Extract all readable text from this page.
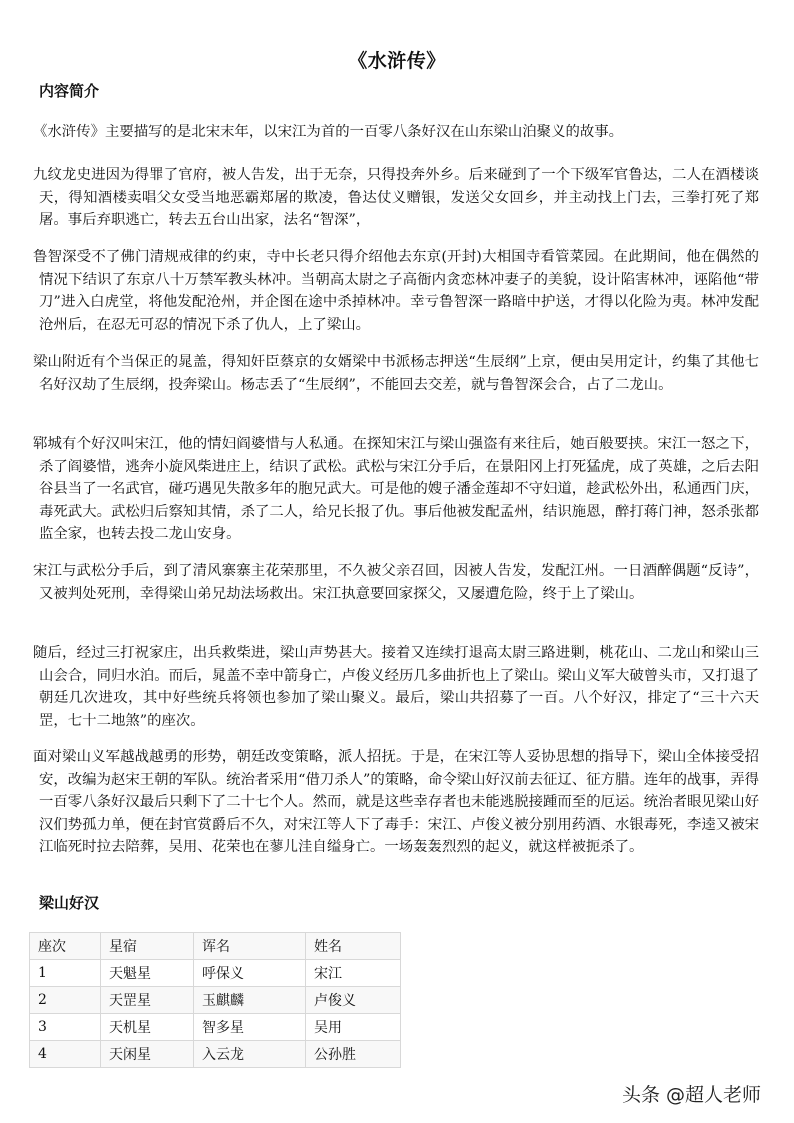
《水浒传》
内容简介

《水浒传》主要描写的是北宋末年，以宋江为首的一百零八条好汉在山东梁山泊聚义的故事。

九纹龙史进因为得罪了官府，被人告发，出于无奈，只得投奔外乡。后来碰到了一个下级军官鲁达，二人在酒楼谈天，得知酒楼卖唱父女受当地恶霸郑屠的欺凌，鲁达仗义赠银，发送父女回乡，并主动找上门去，三拳打死了郑屠。事后弃职逃亡，转去五台山出家，法名“智深”，

鲁智深受不了佛门清规戒律的约束，寺中长老只得介绍他去东京(开封)大相国寺看管菜园。在此期间，他在偶然的情况下结识了东京八十万禁军教头林冲。当朝高太尉之子高衙内贪恋林冲妻子的美貌，设计陷害林冲，诬陷他“带刀”进入白虎堂，将他发配沧州，并企图在途中杀掉林冲。幸亏鲁智深一路暗中护送，才得以化险为夷。林冲发配沧州后，在忍无可忍的情况下杀了仇人，上了梁山。

梁山附近有个当保正的晁盖，得知奸臣蔡京的女婿梁中书派杨志押送“生辰纲”上京，便由吴用定计，约集了其他七名好汉劫了生辰纲，投奔梁山。杨志丢了“生辰纲”，不能回去交差，就与鲁智深会合，占了二龙山。

郓城有个好汉叫宋江，他的情妇阎婆惜与人私通。在探知宋江与梁山强盗有来往后，她百般要挟。宋江一怒之下，杀了阎婆惜，逃奔小旋风柴进庄上，结识了武松。武松与宋江分手后，在景阳冈上打死猛虎，成了英雄，之后去阳谷县当了一名武官，碰巧遇见失散多年的胞兄武大。可是他的嫂子潘金莲却不守妇道，趁武松外出，私通西门庆，毒死武大。武松归后察知其情，杀了二人，给兄长报了仇。事后他被发配孟州，结识施恩，醉打蒋门神，怒杀张都监全家，也转去投二龙山安身。

宋江与武松分手后，到了清风寨寨主花荣那里，不久被父亲召回，因被人告发，发配江州。一日酒醉偶题“反诗”，又被判处死刑，幸得梁山弟兄劫法场救出。宋江执意要回家探父，又屡遭危险，终于上了梁山。

随后，经过三打祝家庄，出兵救柴进，梁山声势甚大。接着又连续打退高太尉三路进剿，桃花山、二龙山和梁山三山会合，同归水泊。而后，晁盖不幸中箭身亡，卢俊义经历几多曲折也上了梁山。梁山义军大破曾头市，又打退了朝廷几次进攻，其中好些统兵将领也参加了梁山聚义。最后，梁山共招募了一百。八个好汉，排定了“三十六天罡，七十二地煞”的座次。

面对梁山义军越战越勇的形势，朝廷改变策略，派人招抚。于是，在宋江等人妥协思想的指导下，梁山全体接受招安，改编为赵宋王朝的军队。统治者采用“借刀杀人”的策略，命令梁山好汉前去征辽、征方腊。连年的战事，弄得一百零八条好汉最后只剩下了二十七个人。然而，就是这些幸存者也未能逃脱接踵而至的厄运。统治者眼见梁山好汉们势孤力单，便在封官赏爵后不久，对宋江等人下了毒手：宋江、卢俊义被分别用药酒、水银毒死，李逵又被宋江临死时拉去陪葬，吴用、花荣也在蓼儿洼自缢身亡。一场轰轰烈烈的起义，就这样被扼杀了。

梁山好汉
座次	星宿	诨名	姓名
1	天魁星	呼保义	宋江
2	天罡星	玉麒麟	卢俊义
3	天机星	智多星	吴用
4	天闲星	入云龙	公孙胜
头条 @超人老师
